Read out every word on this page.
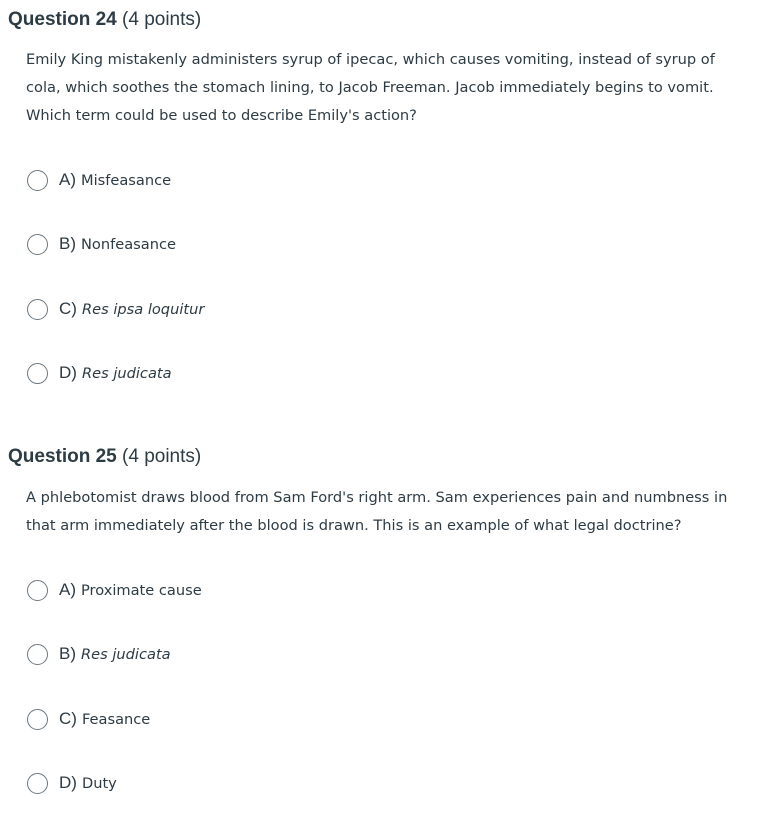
Question 24 (4 points)
Emily King mistakenly administers syrup of ipecac, which causes vomiting, instead of syrup of cola, which soothes the stomach lining, to Jacob Freeman. Jacob immediately begins to vomit. Which term could be used to describe Emily's action?
A) Misfeasance
B) Nonfeasance
C) Res ipsa loquitur
D) Res judicata
Question 25 (4 points)
A phlebotomist draws blood from Sam Ford's right arm. Sam experiences pain and numbness in that arm immediately after the blood is drawn. This is an example of what legal doctrine?
A) Proximate cause
B) Res judicata
C) Feasance
D) Duty
